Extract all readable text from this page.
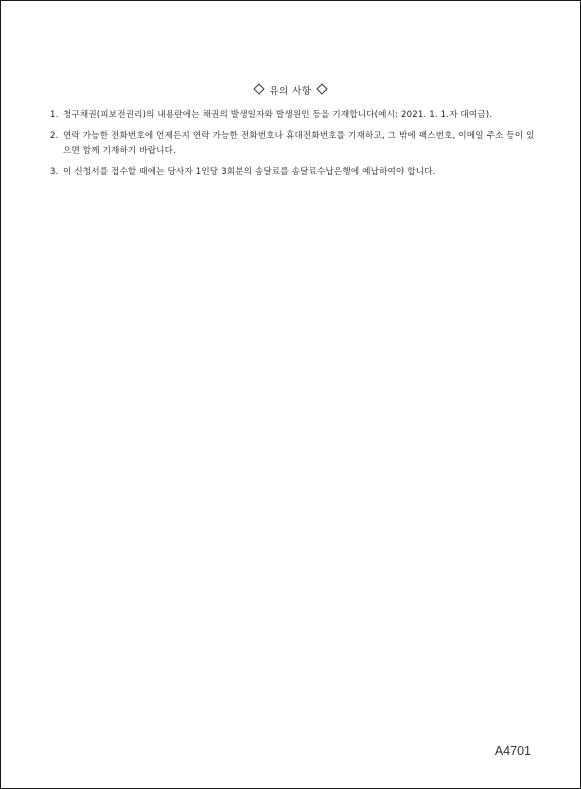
유의 사항
1. 청구채권(피보전권리)의 내용란에는 채권의 발생일자와 발생원인 등을 기재합니다(예시: 2021. 1. 1.자 대여금).
2. 연락 가능한 전화번호에 언제든지 연락 가능한 전화번호나 휴대전화번호를 기재하고, 그 밖에 팩스번호, 이메일 주소 등이 있으면 함께 기재하기 바랍니다.
3. 이 신청서를 접수할 때에는 당사자 1인당 3회분의 송달료를 송달료수납은행에 예납하여야 합니다.
A4701
